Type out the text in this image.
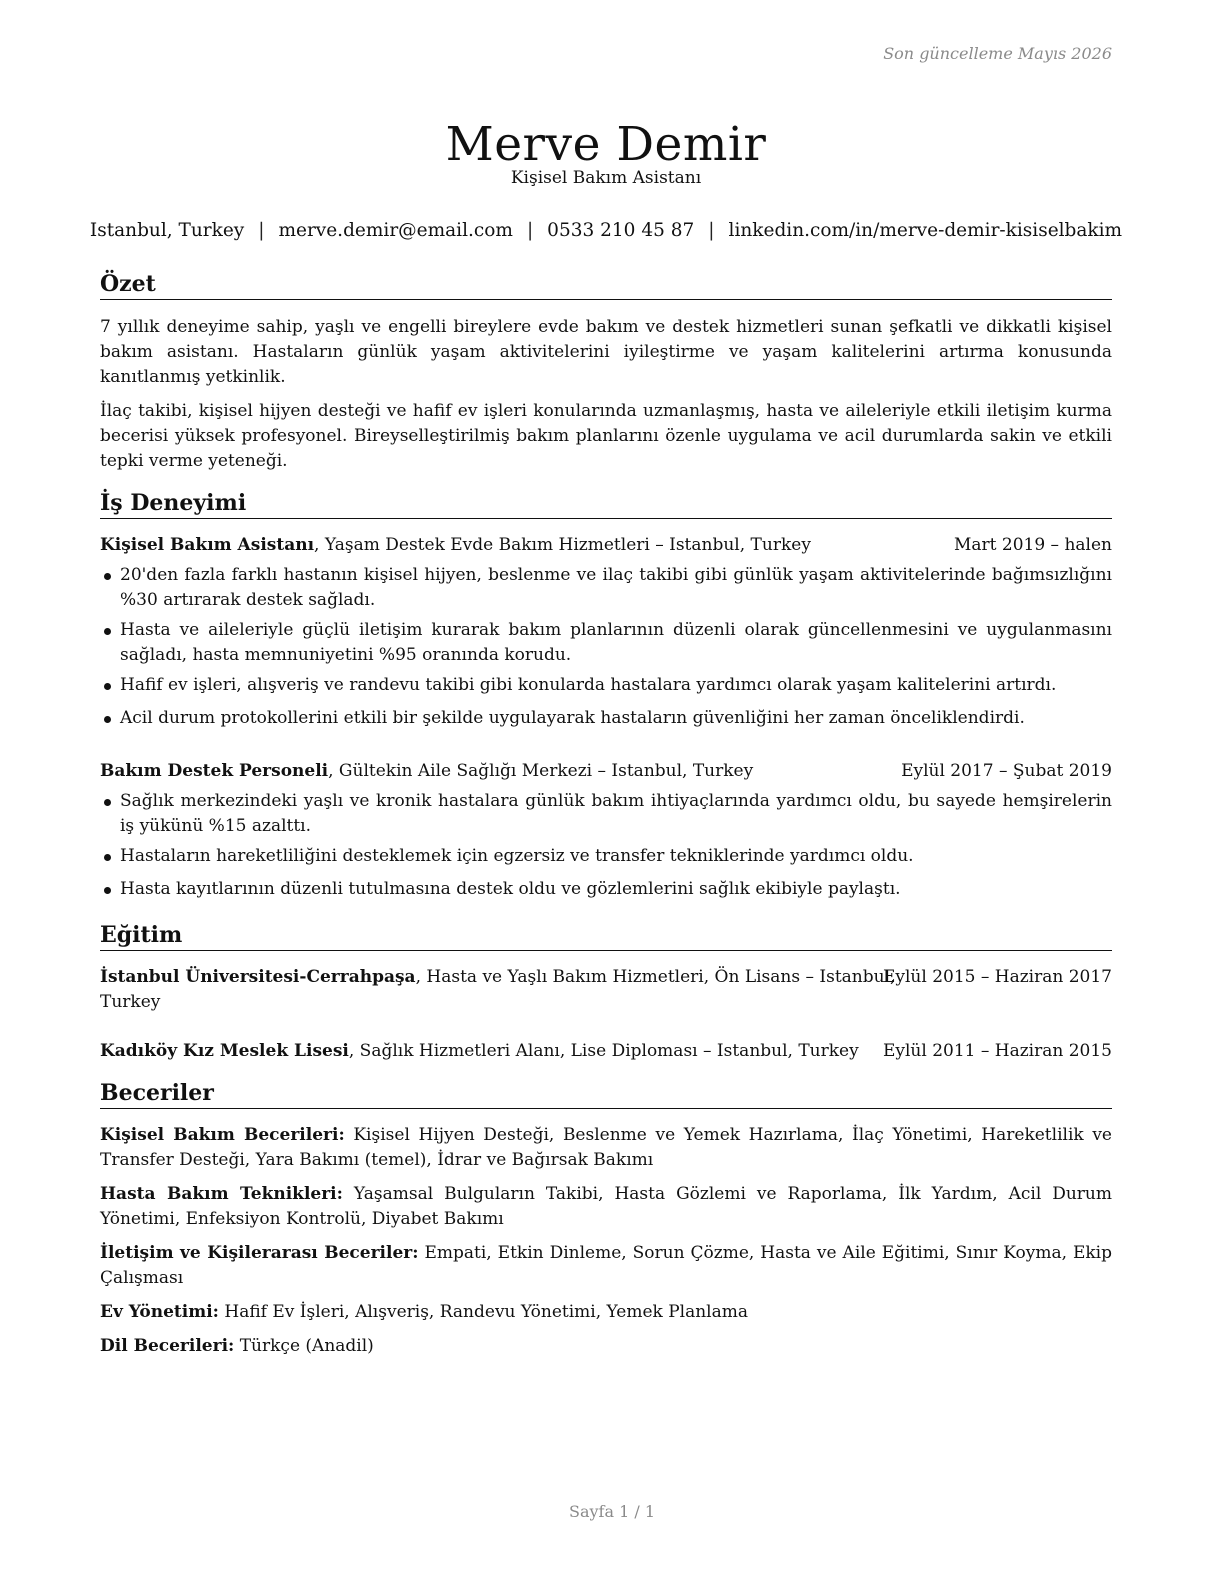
Son güncelleme Mayıs 2026
Merve Demir
Kişisel Bakım Asistanı
Istanbul, Turkey | merve.demir@email.com | 0533 210 45 87 | linkedin.com/in/merve-demir-kisiselbakim
Özet

7 yıllık deneyime sahip, yaşlı ve engelli bireylere evde bakım ve destek hizmetleri sunan şefkatli ve dikkatli kişisel bakım asistanı. Hastaların günlük yaşam aktivitelerini iyileştirme ve yaşam kalitelerini artırma konusunda kanıtlanmış yetkinlik.

İlaç takibi, kişisel hijyen desteği ve hafif ev işleri konularında uzmanlaşmış, hasta ve aileleriyle etkili iletişim kurma becerisi yüksek profesyonel. Bireyselleştirilmiş bakım planlarını özenle uygulama ve acil durumlarda sakin ve etkili tepki verme yeteneği.

İş Deneyimi
Kişisel Bakım Asistanı, Yaşam Destek Evde Bakım Hizmetleri – Istanbul, Turkey	Mart 2019 – halen
20'den fazla farklı hastanın kişisel hijyen, beslenme ve ilaç takibi gibi günlük yaşam aktivitelerinde bağımsızlığını %30 artırarak destek sağladı.
Hasta ve aileleriyle güçlü iletişim kurarak bakım planlarının düzenli olarak güncellenmesini ve uygulanmasını sağladı, hasta memnuniyetini %95 oranında korudu.
Hafif ev işleri, alışveriş ve randevu takibi gibi konularda hastalara yardımcı olarak yaşam kalitelerini artırdı.
Acil durum protokollerini etkili bir şekilde uygulayarak hastaların güvenliğini her zaman önceliklendirdi.
Bakım Destek Personeli, Gültekin Aile Sağlığı Merkezi – Istanbul, Turkey	Eylül 2017 – Şubat 2019
Sağlık merkezindeki yaşlı ve kronik hastalara günlük bakım ihtiyaçlarında yardımcı oldu, bu sayede hemşirelerin iş yükünü %15 azalttı.
Hastaların hareketliliğini desteklemek için egzersiz ve transfer tekniklerinde yardımcı oldu.
Hasta kayıtlarının düzenli tutulmasına destek oldu ve gözlemlerini sağlık ekibiyle paylaştı.
Eğitim
İstanbul Üniversitesi-Cerrahpaşa, Hasta ve Yaşlı Bakım Hizmetleri, Ön Lisans – Istanbul,
Turkey
Eylül 2015 – Haziran 2017
Kadıköy Kız Meslek Lisesi, Sağlık Hizmetleri Alanı, Lise Diploması – Istanbul, Turkey Eylül 2011 – Haziran 2015
Beceriler

Kişisel Bakım Becerileri: Kişisel Hijyen Desteği, Beslenme ve Yemek Hazırlama, İlaç Yönetimi, Hareketlilik ve Transfer Desteği, Yara Bakımı (temel), İdrar ve Bağırsak Bakımı

Hasta Bakım Teknikleri: Yaşamsal Bulguların Takibi, Hasta Gözlemi ve Raporlama, İlk Yardım, Acil Durum Yönetimi, Enfeksiyon Kontrolü, Diyabet Bakımı

İletişim ve Kişilerarası Beceriler: Empati, Etkin Dinleme, Sorun Çözme, Hasta ve Aile Eğitimi, Sınır Koyma, Ekip Çalışması

Ev Yönetimi: Hafif Ev İşleri, Alışveriş, Randevu Yönetimi, Yemek Planlama

Dil Becerileri: Türkçe (Anadil)

Sayfa 1 / 1
